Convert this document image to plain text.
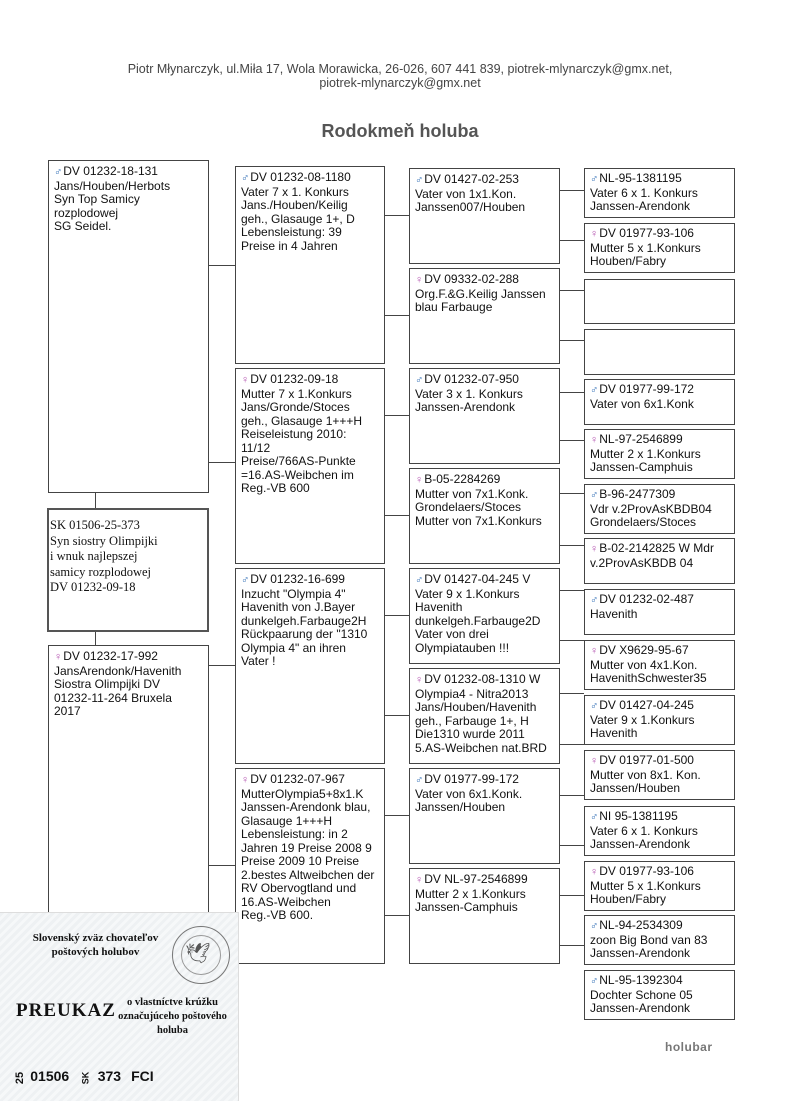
Piotr Młynarczyk, ul.Miła 17, Wola Morawicka, 26-026, 607 441 839, piotrek-mlynarczyk@gmx.net,
piotrek-mlynarczyk@gmx.net
Rodokmeň holuba
♂DV 01232-18-131
Jans/Houben/Herbots
Syn Top Samicy
rozplodowej
SG Seidel.
♀DV 01232-17-992
JansArendonk/Havenith
Siostra Olimpijki DV
01232-11-264 Bruxela
2017
SK 01506-25-373
Syn siostry Olimpijki
i wnuk najlepszej
samicy rozplodowej
DV 01232-09-18
♂DV 01232-08-1180
Vater 7 x 1. Konkurs
Jans./Houben/Keilig
geh., Glasauge 1+, D
Lebensleistung: 39
Preise in 4 Jahren
♀DV 01232-09-18
Mutter 7 x 1.Konkurs
Jans/Gronde/Stoces
geh., Glasauge 1+++H
Reiseleistung 2010:
11/12
Preise/766AS-Punkte
=16.AS-Weibchen im
Reg.-VB 600
♂DV 01232-16-699
Inzucht "Olympia 4"
Havenith von J.Bayer
dunkelgeh.Farbauge2H
Rückpaarung der "1310
Olympia 4" an ihren
Vater !
♀DV 01232-07-967
MutterOlympia5+8x1.K
Janssen-Arendonk blau,
Glasauge 1+++H
Lebensleistung: in 2
Jahren 19 Preise 2008 9
Preise 2009 10 Preise
2.bestes Altweibchen der
RV Obervogtland und
16.AS-Weibchen
Reg.-VB 600.
♂DV 01427-02-253
Vater von 1x1.Kon.
Janssen007/Houben
♀DV 09332-02-288
Org.F.&G.Keilig Janssen
blau Farbauge
♂DV 01232-07-950
Vater 3 x 1. Konkurs
Janssen-Arendonk
♀B-05-2284269
Mutter von 7x1.Konk.
Grondelaers/Stoces
Mutter von 7x1.Konkurs
♂DV 01427-04-245 V
Vater 9 x 1.Konkurs
Havenith
dunkelgeh.Farbauge2D
Vater von drei
Olympiatauben !!!
♀DV 01232-08-1310 W
Olympia4 - Nitra2013
Jans/Houben/Havenith
geh., Farbauge 1+, H
Die1310 wurde 2011
5.AS-Weibchen nat.BRD
♂DV 01977-99-172
Vater von 6x1.Konk.
Janssen/Houben
♀DV NL-97-2546899
Mutter 2 x 1.Konkurs
Janssen-Camphuis
♂NL-95-1381195
Vater 6 x 1. Konkurs
Janssen-Arendonk
♀DV 01977-93-106
Mutter 5 x 1.Konkurs
Houben/Fabry
♂DV 01977-99-172
Vater von 6x1.Konk
♀NL-97-2546899
Mutter 2 x 1.Konkurs
Janssen-Camphuis
♂B-96-2477309
Vdr v.2ProvAsKBDB04
Grondelaers/Stoces
♀B-02-2142825 W Mdr
v.2ProvAsKBDB 04
♂DV 01232-02-487
Havenith
♀DV X9629-95-67
Mutter von 4x1.Kon.
HavenithSchwester35
♂DV 01427-04-245
Vater 9 x 1.Konkurs
Havenith
♀DV 01977-01-500
Mutter von 8x1. Kon.
Janssen/Houben
♂NI 95-1381195
Vater 6 x 1. Konkurs
Janssen-Arendonk
♀DV 01977-93-106
Mutter 5 x 1.Konkurs
Houben/Fabry
♂NL-94-2534309
zoon Big Bond van 83
Janssen-Arendonk
♂NL-95-1392304
Dochter Schone 05
Janssen-Arendonk
Slovenský zväz chovateľov poštových holubov	🕊
PREUKAZ	o vlastníctve krúžku označujúceho poštového holuba
25 01506 SK 373 FCI
holubar
